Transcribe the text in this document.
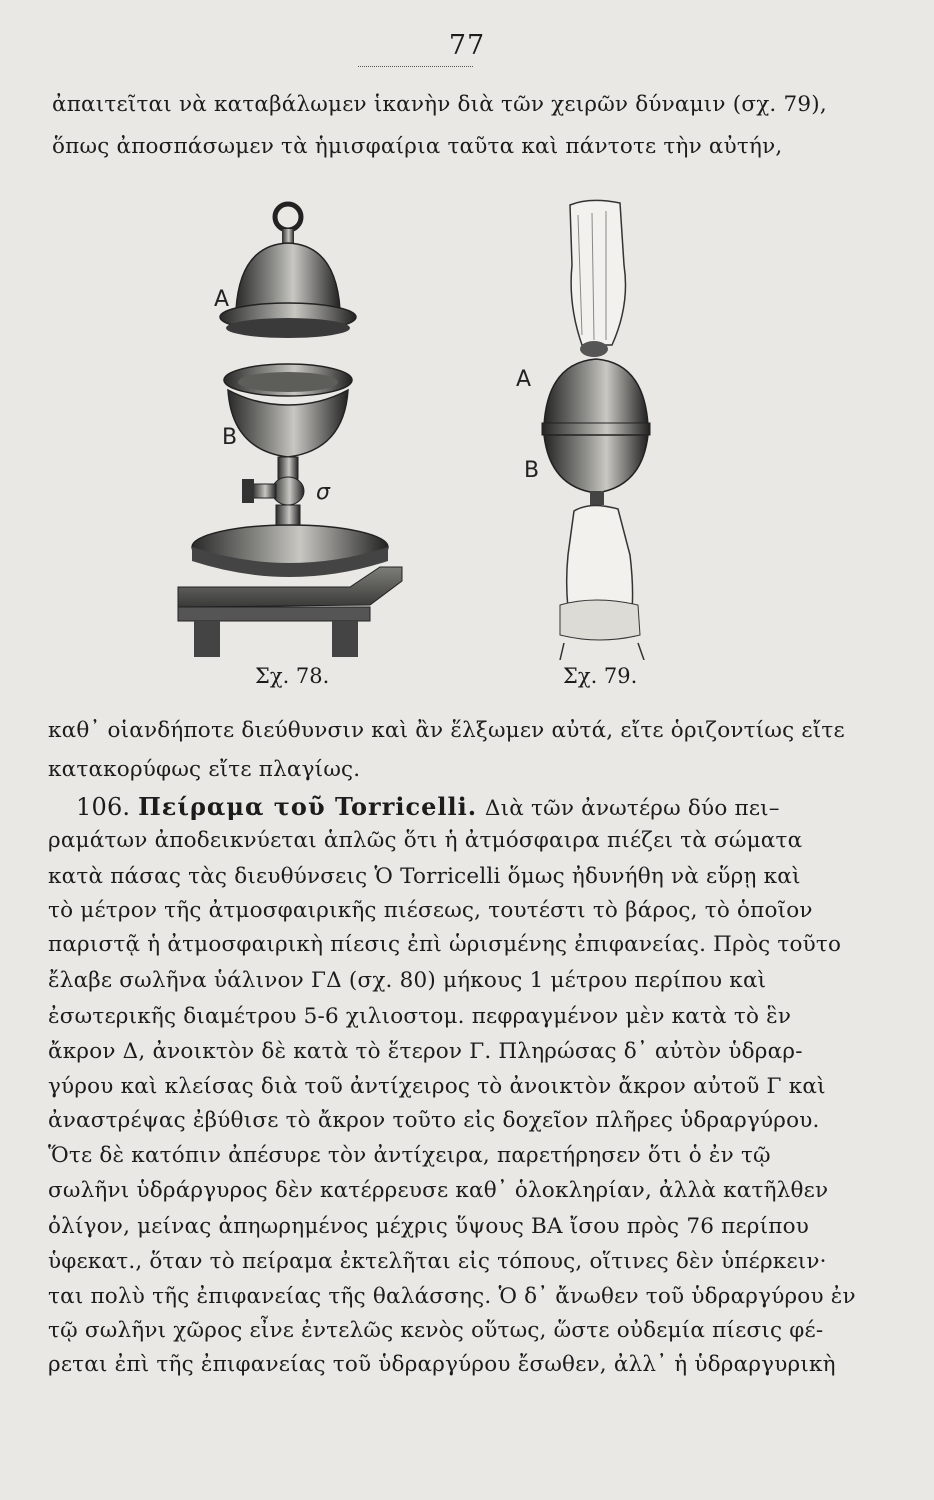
77
ἀπαιτεῖται νὰ καταβάλωμεν ἱκανὴν διὰ τῶν χειρῶν δύναμιν (σχ. 79),
ὅπως ἀποσπάσωμεν τὰ ἡμισφαίρια ταῦτα καὶ πάντοτε τὴν αὐτήν,
A
B
σ
Σχ. 78.
A
B
Σχ. 79.
καθ᾽ οἱανδήποτε διεύθυνσιν καὶ ἂν ἕλξωμεν αὐτά, εἴτε ὁριζοντίως εἴτε
κατακορύφως εἴτε πλαγίως.
106. Πείραμα τοῦ Torricelli. Διὰ τῶν ἀνωτέρω δύο πει–
ραμάτων ἀποδεικνύεται ἁπλῶς ὅτι ἡ ἀτμόσφαιρα πιέζει τὰ σώματα
κατὰ πάσας τὰς διευθύνσεις Ὁ Torricelli ὅμως ἠδυνήθη νὰ εὕρῃ καὶ
τὸ μέτρον τῆς ἀτμοσφαιρικῆς πιέσεως, τουτέστι τὸ βάρος, τὸ ὁποῖον
παριστᾷ ἡ ἀτμοσφαιρικὴ πίεσις ἐπὶ ὡρισμένης ἐπιφανείας. Πρὸς τοῦτο
ἔλαβε σωλῆνα ὑάλινον ΓΔ (σχ. 80) μήκους 1 μέτρου περίπου καὶ
ἐσωτερικῆς διαμέτρου 5-6 χιλιοστομ. πεφραγμένον μὲν κατὰ τὸ ἓν
ἄκρον Δ, ἀνοικτὸν δὲ κατὰ τὸ ἕτερον Γ. Πληρώσας δ᾽ αὐτὸν ὑδραρ-
γύρου καὶ κλείσας διὰ τοῦ ἀντίχειρος τὸ ἀνοικτὸν ἄκρον αὐτοῦ Γ καὶ
ἀναστρέψας ἐβύθισε τὸ ἄκρον τοῦτο εἰς δοχεῖον πλῆρες ὑδραργύρου.
Ὅτε δὲ κατόπιν ἀπέσυρε τὸν ἀντίχειρα, παρετήρησεν ὅτι ὁ ἐν τῷ
σωλῆνι ὑδράργυρος δὲν κατέρρευσε καθ᾽ ὁλοκληρίαν, ἀλλὰ κατῆλθεν
ὀλίγον, μείνας ἀπηωρημένος μέχρις ὕψους ΒΑ ἴσου πρὸς 76 περίπου
ὑφεκατ., ὅταν τὸ πείραμα ἐκτελῆται εἰς τόπους, οἵτινες δὲν ὑπέρκειν·
ται πολὺ τῆς ἐπιφανείας τῆς θαλάσσης. Ὁ δ᾽ ἄνωθεν τοῦ ὑδραργύρου ἐν
τῷ σωλῆνι χῶρος εἶνε ἐντελῶς κενὸς οὕτως, ὥστε οὐδεμία πίεσις φέ-
ρεται ἐπὶ τῆς ἐπιφανείας τοῦ ὑδραργύρου ἔσωθεν, ἀλλ᾽ ἡ ὑδραργυρικὴ
